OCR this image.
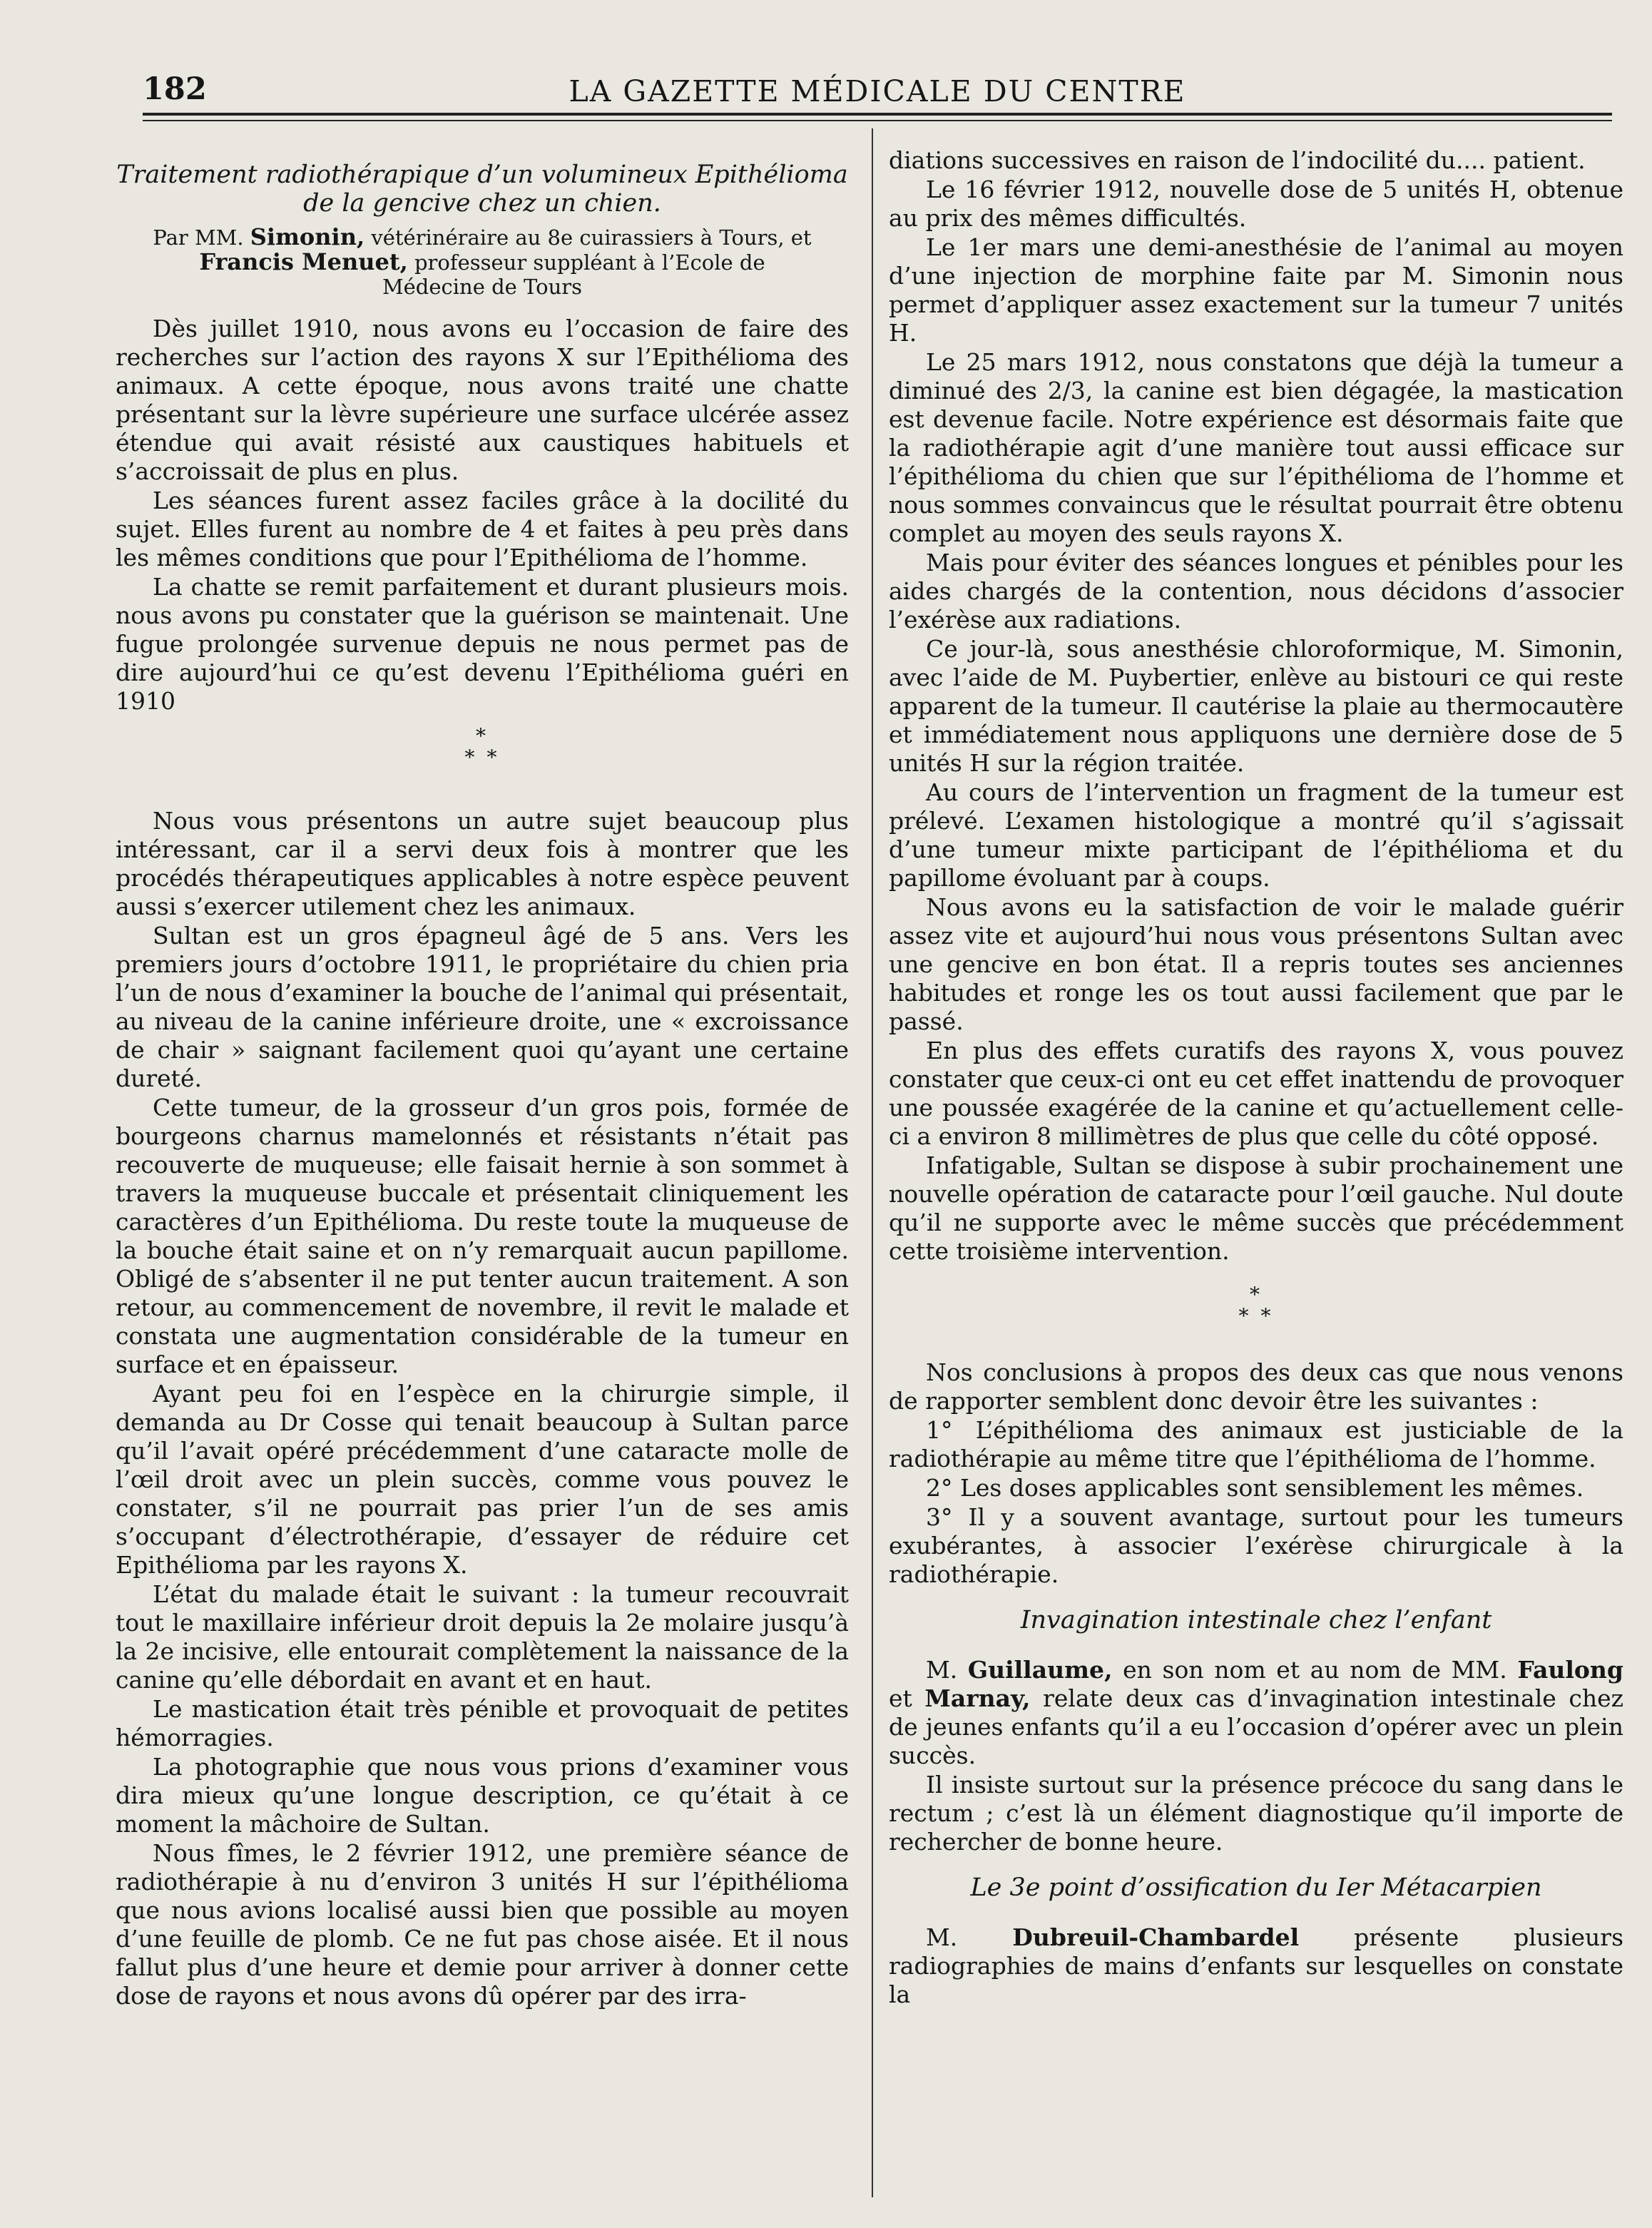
182	LA GAZETTE MÉDICALE DU CENTRE
Traitement radiothérapique d’un volumineux Epithélioma
de la gencive chez un chien.
Par MM. Simonin, vétérinéraire au 8e cuirassiers à Tours, et
Francis Menuet, professeur suppléant à l’Ecole de
Médecine de Tours

Dès juillet 1910, nous avons eu l’occasion de faire des recherches sur l’action des rayons X sur l’Epithélioma des animaux. A cette époque, nous avons traité une chatte présentant sur la lèvre supérieure une surface ulcérée assez étendue qui avait résisté aux caustiques habituels et s’accroissait de plus en plus.

Les séances furent assez faciles grâce à la docilité du sujet. Elles furent au nombre de 4 et faites à peu près dans les mêmes conditions que pour l’Epithélioma de l’homme.

La chatte se remit parfaitement et durant plusieurs mois. nous avons pu constater que la guérison se maintenait. Une fugue prolongée survenue depuis ne nous permet pas de dire aujourd’hui ce qu’est devenu l’Epithélioma guéri en 1910

*
* *

Nous vous présentons un autre sujet beaucoup plus intéressant, car il a servi deux fois à montrer que les procédés thérapeutiques applicables à notre espèce peuvent aussi s’exercer utilement chez les animaux.

Sultan est un gros épagneul âgé de 5 ans. Vers les premiers jours d’octobre 1911, le propriétaire du chien pria l’un de nous d’examiner la bouche de l’animal qui présentait, au niveau de la canine inférieure droite, une « excroissance de chair » saignant facilement quoi qu’ayant une certaine dureté.

Cette tumeur, de la grosseur d’un gros pois, formée de bourgeons charnus mamelonnés et résistants n’était pas recouverte de muqueuse; elle faisait hernie à son sommet à travers la muqueuse buccale et présentait cliniquement les caractères d’un Epithélioma. Du reste toute la muqueuse de la bouche était saine et on n’y remarquait aucun papillome. Obligé de s’absenter il ne put tenter aucun traitement. A son retour, au commencement de novembre, il revit le malade et constata une augmentation considérable de la tumeur en surface et en épaisseur.

Ayant peu foi en l’espèce en la chirurgie simple, il demanda au Dr Cosse qui tenait beaucoup à Sultan parce qu’il l’avait opéré précédemment d’une cataracte molle de l’œil droit avec un plein succès, comme vous pouvez le constater, s’il ne pourrait pas prier l’un de ses amis s’occupant d’électrothérapie, d’essayer de réduire cet Epithélioma par les rayons X.

L’état du malade était le suivant : la tumeur recouvrait tout le maxillaire inférieur droit depuis la 2e molaire jusqu’à la 2e incisive, elle entourait complètement la naissance de la canine qu’elle débordait en avant et en haut.

Le mastication était très pénible et provoquait de petites hémorragies.

La photographie que nous vous prions d’examiner vous dira mieux qu’une longue description, ce qu’était à ce moment la mâchoire de Sultan.

Nous fîmes, le 2 février 1912, une première séance de radiothérapie à nu d’environ 3 unités H sur l’épithélioma que nous avions localisé aussi bien que possible au moyen d’une feuille de plomb. Ce ne fut pas chose aisée. Et il nous fallut plus d’une heure et demie pour arriver à donner cette dose de rayons et nous avons dû opérer par des irra-

diations successives en raison de l’indocilité du.... patient.

Le 16 février 1912, nouvelle dose de 5 unités H, obtenue au prix des mêmes difficultés.

Le 1er mars une demi-anesthésie de l’animal au moyen d’une injection de morphine faite par M. Simonin nous permet d’appliquer assez exactement sur la tumeur 7 unités H.

Le 25 mars 1912, nous constatons que déjà la tumeur a diminué des 2/3, la canine est bien dégagée, la mastication est devenue facile. Notre expérience est désormais faite que la radiothérapie agit d’une manière tout aussi efficace sur l’épithélioma du chien que sur l’épithélioma de l’homme et nous sommes convaincus que le résultat pourrait être obtenu complet au moyen des seuls rayons X.

Mais pour éviter des séances longues et pénibles pour les aides chargés de la contention, nous décidons d’associer l’exérèse aux radiations.

Ce jour-là, sous anesthésie chloroformique, M. Simonin, avec l’aide de M. Puybertier, enlève au bistouri ce qui reste apparent de la tumeur. Il cautérise la plaie au thermocautère et immédiatement nous appliquons une dernière dose de 5 unités H sur la région traitée.

Au cours de l’intervention un fragment de la tumeur est prélevé. L’examen histologique a montré qu’il s’agissait d’une tumeur mixte participant de l’épithélioma et du papillome évoluant par à coups.

Nous avons eu la satisfaction de voir le malade guérir assez vite et aujourd’hui nous vous présentons Sultan avec une gencive en bon état. Il a repris toutes ses anciennes habitudes et ronge les os tout aussi facilement que par le passé.

En plus des effets curatifs des rayons X, vous pouvez constater que ceux-ci ont eu cet effet inattendu de provoquer une poussée exagérée de la canine et qu’actuellement celle-ci a environ 8 millimètres de plus que celle du côté opposé.

Infatigable, Sultan se dispose à subir prochainement une nouvelle opération de cataracte pour l’œil gauche. Nul doute qu’il ne supporte avec le même succès que précédemment cette troisième intervention.

*
* *

Nos conclusions à propos des deux cas que nous venons de rapporter semblent donc devoir être les suivantes :

1° L’épithélioma des animaux est justiciable de la radiothérapie au même titre que l’épithélioma de l’homme.

2° Les doses applicables sont sensiblement les mêmes.

3° Il y a souvent avantage, surtout pour les tumeurs exubérantes, à associer l’exérèse chirurgicale à la radiothérapie.

Invagination intestinale chez l’enfant

M. Guillaume, en son nom et au nom de MM. Faulong et Marnay, relate deux cas d’invagination intestinale chez de jeunes enfants qu’il a eu l’occasion d’opérer avec un plein succès.

Il insiste surtout sur la présence précoce du sang dans le rectum ; c’est là un élément diagnostique qu’il importe de rechercher de bonne heure.

Le 3e point d’ossification du Ier Métacarpien

M. Dubreuil-Chambardel présente plusieurs radiographies de mains d’enfants sur lesquelles on constate la
